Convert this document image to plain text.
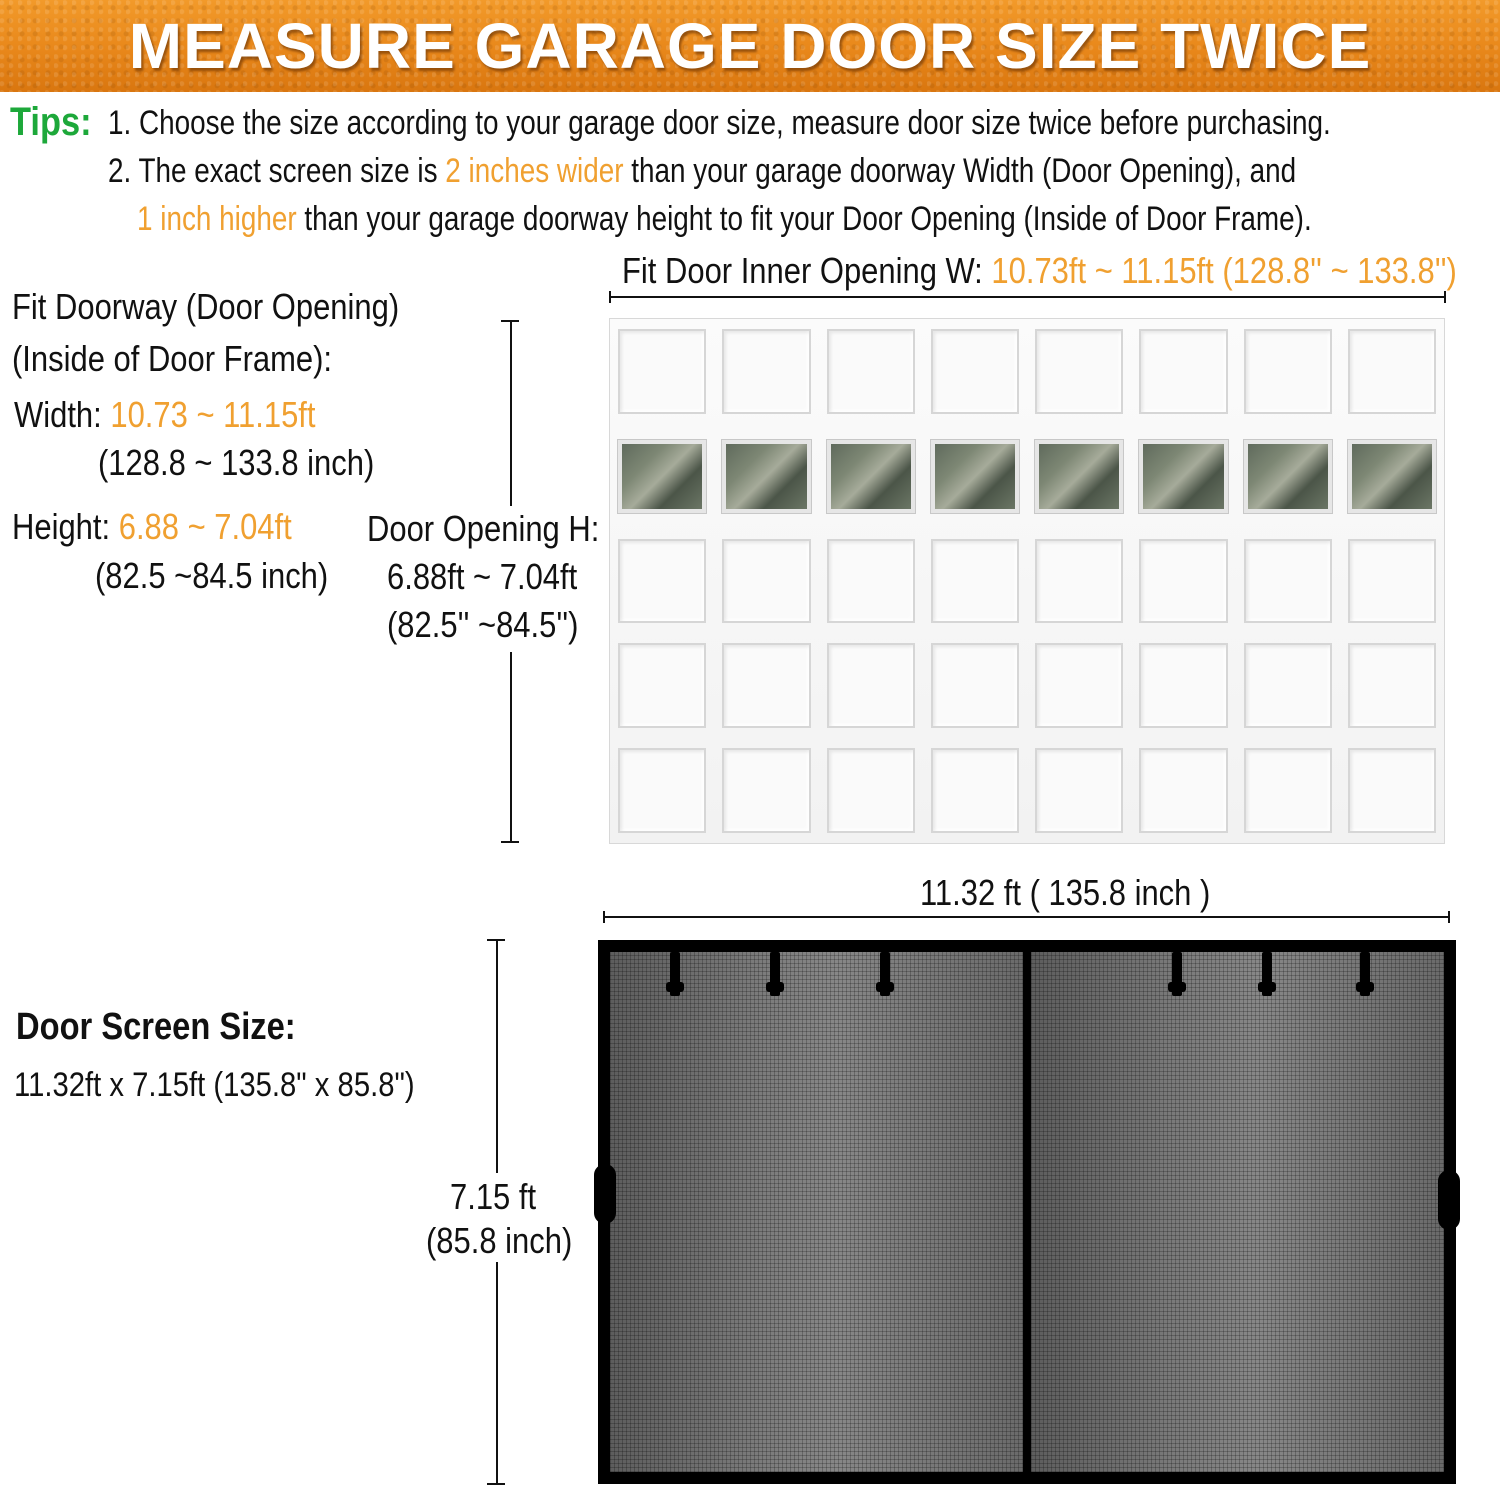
MEASURE GARAGE DOOR SIZE TWICE
Tips: 1. Choose the size according to your garage door size, measure door size twice before purchasing.
2. The exact screen size is 2 inches wider than your garage doorway Width (Door Opening), and
1 inch higher than your garage doorway height to fit your Door Opening (Inside of Door Frame).
Fit Doorway (Door Opening)
(Inside of Door Frame):
Width: 10.73 ~ 11.15ft
(128.8 ~ 133.8 inch)
Height: 6.88 ~ 7.04ft
(82.5 ~84.5 inch)
Door Opening H:
6.88ft ~ 7.04ft
(82.5'' ~84.5'')
Fit Door Inner Opening W: 10.73ft ~ 11.15ft (128.8'' ~ 133.8'')
Door Screen Size:
11.32ft x 7.15ft (135.8" x 85.8")
11.32 ft ( 135.8 inch )
7.15 ft
(85.8 inch)
